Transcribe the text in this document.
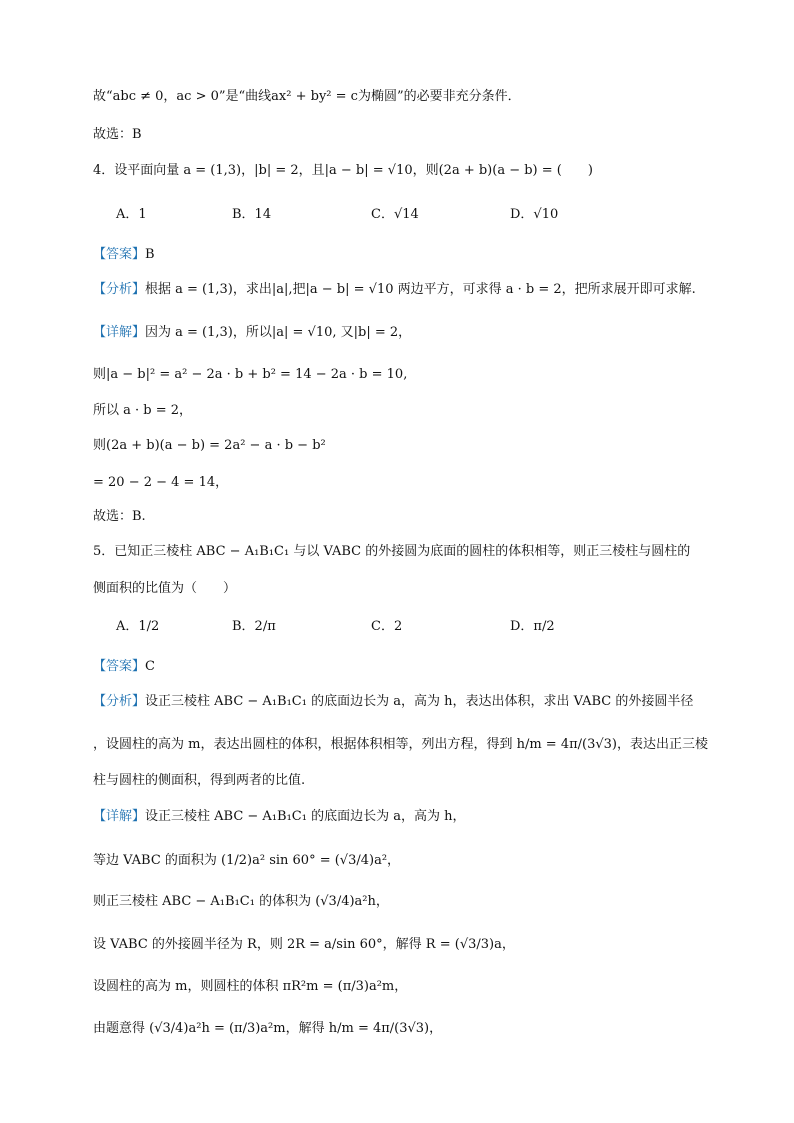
故“abc ≠ 0，ac > 0”是“曲线ax² + by² = c为椭圆”的必要非充分条件．
故选：B
4．设平面向量 a = (1,3)，|b| = 2，且|a − b| = √10，则(2a + b)(a − b) = (　　)
A．1	B．14	C．√14	D．√10
【答案】B
【分析】根据 a = (1,3)，求出|a|,把|a − b| = √10 两边平方，可求得 a · b = 2，把所求展开即可求解.
【详解】因为 a = (1,3)，所以|a| = √10, 又|b| = 2，
则|a − b|² = a² − 2a · b + b² = 14 − 2a · b = 10,
所以 a · b = 2，
则(2a + b)(a − b) = 2a² − a · b − b²
= 20 − 2 − 4 = 14，
故选：B.
5．已知正三棱柱 ABC − A₁B₁C₁ 与以 VABC 的外接圆为底面的圆柱的体积相等，则正三棱柱与圆柱的
侧面积的比值为（　　）
A．1/2	B．2/π	C．2	D．π/2
【答案】C
【分析】设正三棱柱 ABC − A₁B₁C₁ 的底面边长为 a，高为 h，表达出体积，求出 VABC 的外接圆半径
，设圆柱的高为 m，表达出圆柱的体积，根据体积相等，列出方程，得到 h/m = 4π/(3√3)，表达出正三棱
柱与圆柱的侧面积，得到两者的比值.
【详解】设正三棱柱 ABC − A₁B₁C₁ 的底面边长为 a，高为 h，
等边 VABC 的面积为 (1/2)a² sin 60° = (√3/4)a²，
则正三棱柱 ABC − A₁B₁C₁ 的体积为 (√3/4)a²h，
设 VABC 的外接圆半径为 R，则 2R = a/sin 60°，解得 R = (√3/3)a，
设圆柱的高为 m，则圆柱的体积 πR²m = (π/3)a²m，
由题意得 (√3/4)a²h = (π/3)a²m，解得 h/m = 4π/(3√3)，
